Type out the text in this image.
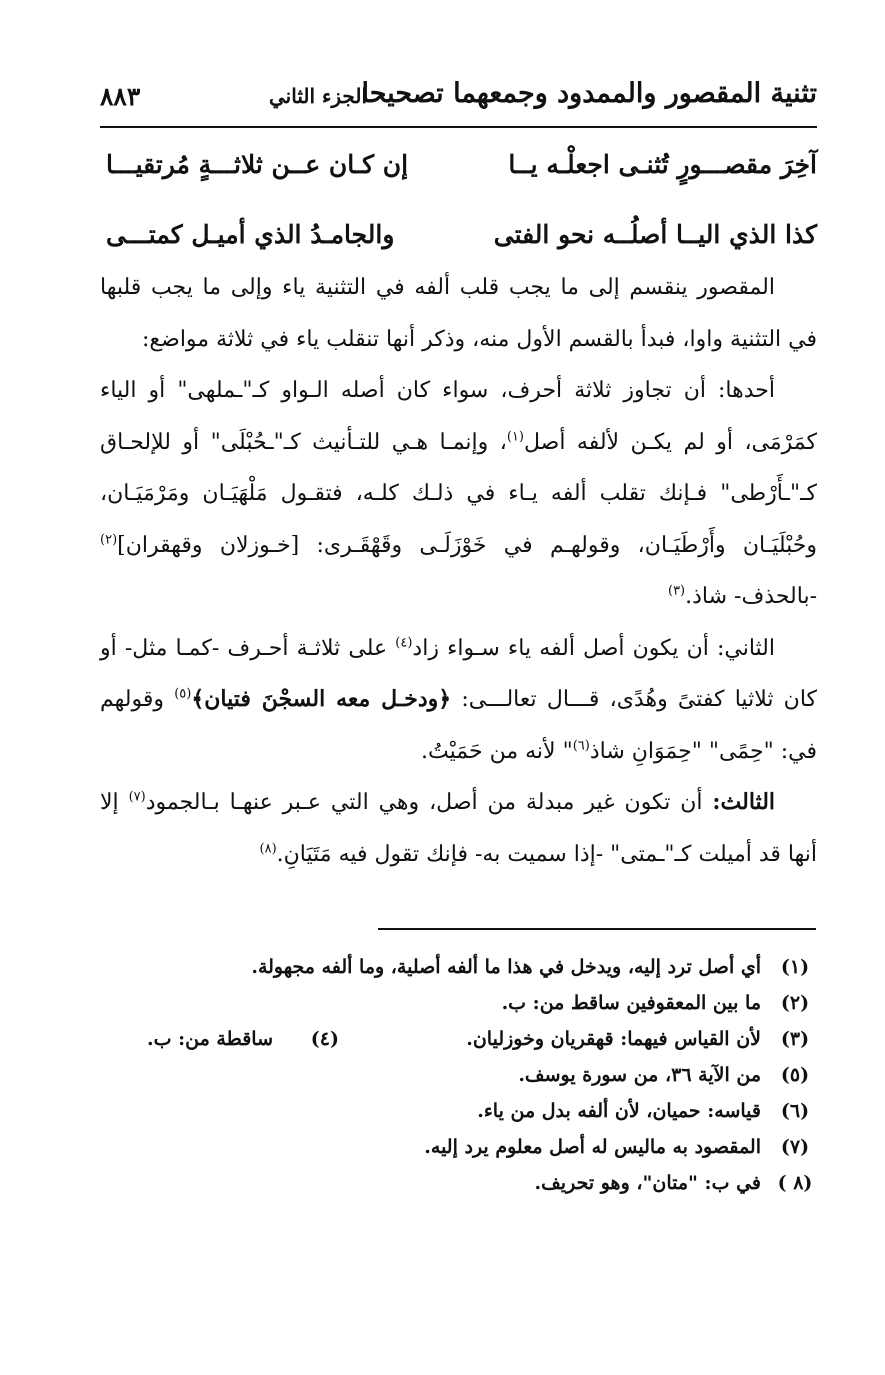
تثنية المقصور والممدود وجمعهما تصحيحا
الجزء الثاني
٨٨٣
آخِرَ مقصـــورٍ تُثنـى اجعلْـه يــا
إن كـان عــن ثلاثـــةٍ مُرتقيـــا
كذا الذي اليــا أصلُــه نحو الفتى
والجامـدُ الذي أميـل كمتـــى

المقصور ينقسم إلى ما يجب قلب ألفه في التثنية ياء وإلى ما يجب قلبها في التثنية واوا، فبدأ بالقسم الأول منه، وذكر أنها تنقلب ياء في ثلاثة مواضع:

أحدها: أن تجاوز ثلاثة أحرف، سواء كان أصله الـواو كـ"ـملهى" أو الياء كمَرْمَى، أو لم يكـن لألفه أصل$^{(١)}$، وإنمـا هـي للتـأنيث كـ"ـحُبْلَى" أو للإلحـاق كـ"ـأَرْطى" فـإنك تقلب ألفه يـاء في ذلـك كلـه، فتقـول مَلْهَيَـان ومَرْمَيَـان، وحُبْلَيَـان وأَرْطَيَـان، وقولهـم في خَوْزَلَـى وقَهْقَـرى: [خـوزلان وقهقران]$^{(٢)}$ -بالحذف- شاذ.$^{(٣)}$

الثاني: أن يكون أصل ألفه ياء سـواء زاد$^{(٤)}$ على ثلاثـة أحـرف -كمـا مثل- أو كان ثلاثيا كفتىً وهُدًى، قـــال تعالـــى: ﴿ودخـل معه السجْنَ فتيان﴾$^{(٥)}$ وقولهم في: "حِمًى" "حِمَوَانِ شاذ$^{(٦)}$" لأنه من حَمَيْتُ.

الثالث: أن تكون غير مبدلة من أصل، وهي التي عـبر عنهـا بـالجمود$^{(٧)}$ إلا أنها قد أميلت كـ"ـمتى" -إذا سميت به- فإنك تقول فيه مَتَيَانِ.$^{(٨)}$

(١)
أي أصل ترد إليه، ويدخل في هذا ما ألفه أصلية، وما ألفه مجهولة.
(٢)
ما بين المعقوفين ساقط من: ب.
(٣)
لأن القياس فيهما: قهقريان وخوزليان.
(٤)
ساقطة من: ب.
(٥)
من الآية ٣٦، من سورة يوسف.
(٦)
قياسه: حميان، لأن ألفه بدل من ياء.
(٧)
المقصود به ماليس له أصل معلوم يرد إليه.
(٨ )
في ب: "متان"، وهو تحريف.
